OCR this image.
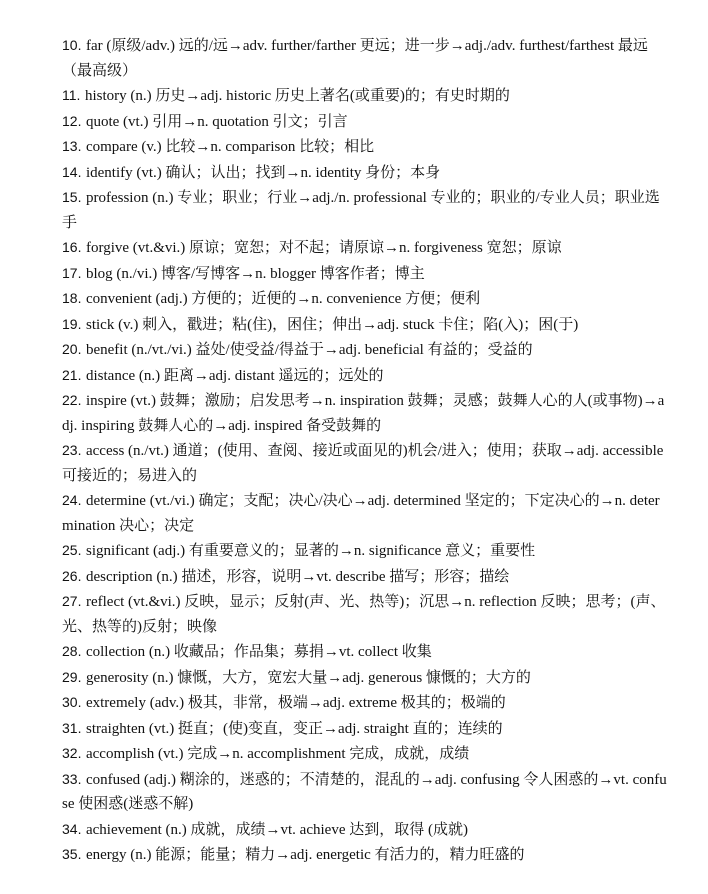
10. far (原级/adv.) 远的/远→adv. further/farther 更远；进一步→adj./adv. furthest/farthest 最远（最高级）

11. history (n.) 历史→adj. historic 历史上著名(或重要)的；有史时期的

12. quote (vt.) 引用→n. quotation 引文；引言

13. compare (v.) 比较→n. comparison 比较；相比

14. identify (vt.) 确认；认出；找到→n. identity 身份；本身

15. profession (n.) 专业；职业；行业→adj./n. professional 专业的；职业的/专业人员；职业选手

16. forgive (vt.&vi.) 原谅；宽恕；对不起；请原谅→n. forgiveness 宽恕；原谅

17. blog (n./vi.) 博客/写博客→n. blogger 博客作者；博主

18. convenient (adj.) 方便的；近便的→n. convenience 方便；便利

19. stick (v.) 刺入，戳进；粘(住)，困住；伸出→adj. stuck 卡住；陷(入)；困(于)

20. benefit (n./vt./vi.) 益处/使受益/得益于→adj. beneficial 有益的；受益的

21. distance (n.) 距离→adj. distant 遥远的；远处的

22. inspire (vt.) 鼓舞；激励；启发思考→n. inspiration 鼓舞；灵感；鼓舞人心的人(或事物)→adj. inspiring 鼓舞人心的→adj. inspired 备受鼓舞的

23. access (n./vt.) 通道；(使用、查阅、接近或面见的)机会/进入；使用；获取→adj. accessible 可接近的；易进入的

24. determine (vt./vi.) 确定；支配；决心/决心→adj. determined 坚定的；下定决心的→n. determination 决心；决定

25. significant (adj.) 有重要意义的；显著的→n. significance 意义；重要性

26. description (n.) 描述，形容，说明→vt. describe 描写；形容；描绘

27. reflect (vt.&vi.) 反映，显示；反射(声、光、热等)；沉思→n. reflection 反映；思考；(声、光、热等的)反射；映像

28. collection (n.) 收藏品；作品集；募捐→vt. collect 收集

29. generosity (n.) 慷慨，大方，宽宏大量→adj. generous 慷慨的；大方的

30. extremely (adv.) 极其，非常，极端→adj. extreme 极其的；极端的

31. straighten (vt.) 挺直；(使)变直，变正→adj. straight 直的；连续的

32. accomplish (vt.) 完成→n. accomplishment 完成，成就，成绩

33. confused (adj.) 糊涂的，迷惑的；不清楚的，混乱的→adj. confusing 令人困惑的→vt. confuse 使困惑(迷惑不解)

34. achievement (n.) 成就，成绩→vt. achieve 达到，取得 (成就)

35. energy (n.) 能源；能量；精力→adj. energetic 有活力的，精力旺盛的
